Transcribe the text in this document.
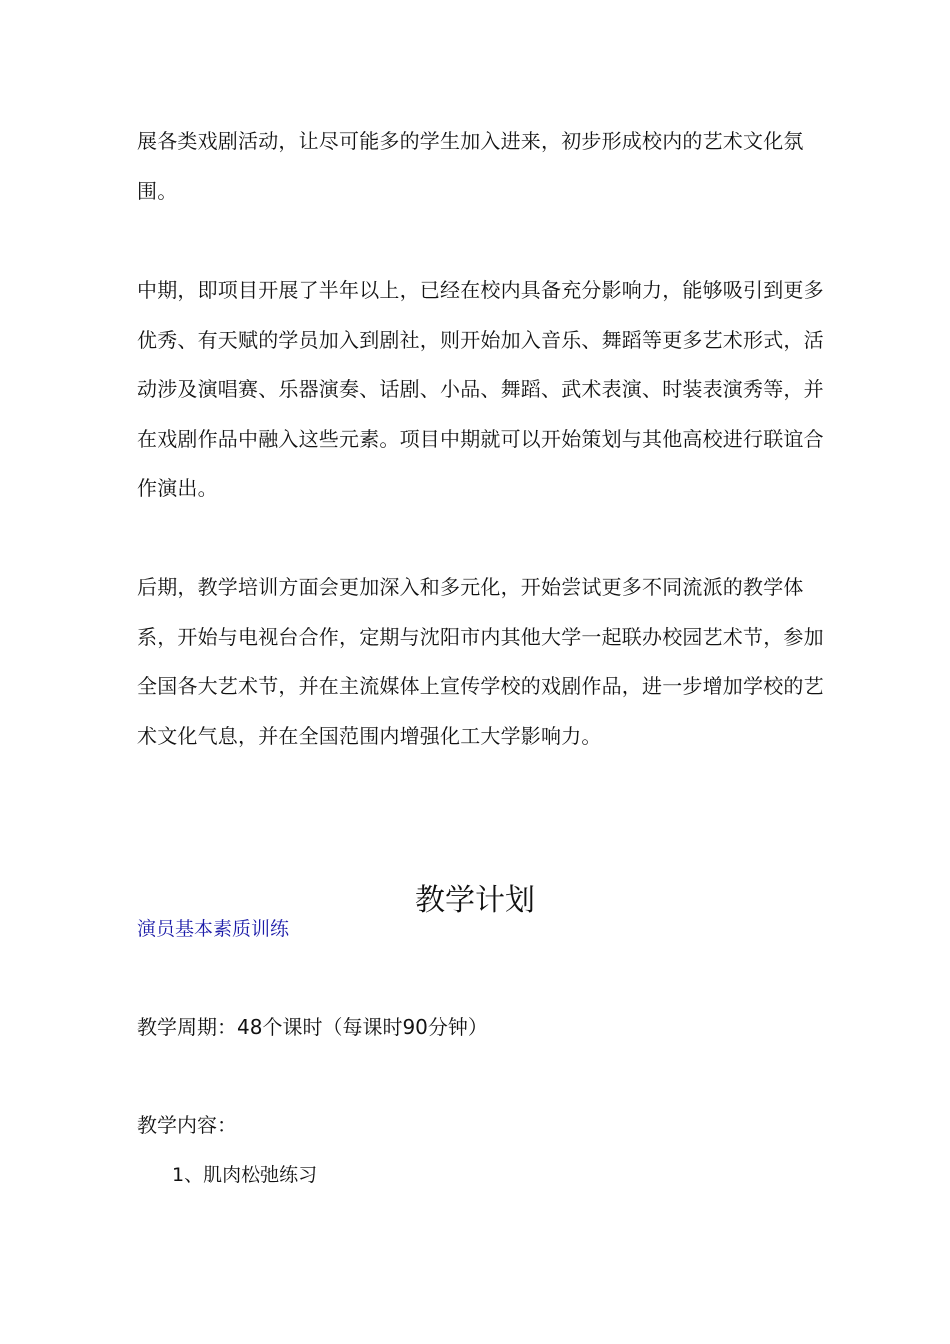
展各类戏剧活动，让尽可能多的学生加入进来，初步形成校内的艺术文化氛围。

中期，即项目开展了半年以上，已经在校内具备充分影响力，能够吸引到更多优秀、有天赋的学员加入到剧社，则开始加入音乐、舞蹈等更多艺术形式，活动涉及演唱赛、乐器演奏、话剧、小品、舞蹈、武术表演、时装表演秀等，并在戏剧作品中融入这些元素。项目中期就可以开始策划与其他高校进行联谊合作演出。

后期，教学培训方面会更加深入和多元化，开始尝试更多不同流派的教学体系，开始与电视台合作，定期与沈阳市内其他大学一起联办校园艺术节，参加全国各大艺术节，并在主流媒体上宣传学校的戏剧作品，进一步增加学校的艺术文化气息，并在全国范围内增强化工大学影响力。

教学计划

演员基本素质训练

教学周期：48个课时（每课时90分钟）

教学内容：

1、肌肉松弛练习
